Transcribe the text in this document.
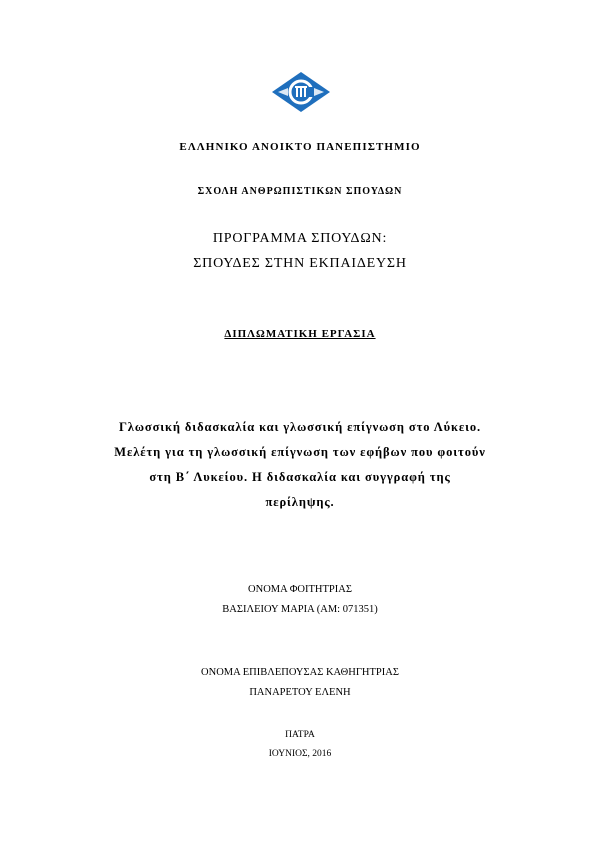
ΕΛΛΗΝΙΚΟ ΑΝΟΙΚΤΟ ΠΑΝΕΠΙΣΤΗΜΙΟ
ΣΧΟΛΗ ΑΝΘΡΩΠΙΣΤΙΚΩΝ ΣΠΟΥΔΩΝ
ΠΡΟΓΡΑΜΜΑ ΣΠΟΥΔΩΝ:
ΣΠΟΥΔΕΣ ΣΤΗΝ ΕΚΠΑΙΔΕΥΣΗ
ΔΙΠΛΩΜΑΤΙΚΗ ΕΡΓΑΣΙΑ
Γλωσσική διδασκαλία και γλωσσική επίγνωση στο Λύκειο.
Μελέτη για τη γλωσσική επίγνωση των εφήβων που φοιτούν
στη Β΄ Λυκείου. Η διδασκαλία και συγγραφή της
περίληψης.
ΟΝΟΜΑ ΦΟΙΤΗΤΡΙΑΣ
ΒΑΣΙΛΕΙΟΥ ΜΑΡΙΑ (ΑΜ: 071351)
ΟΝΟΜΑ ΕΠΙΒΛΕΠΟΥΣΑΣ ΚΑΘΗΓΗΤΡΙΑΣ
ΠΑΝΑΡΕΤΟΥ ΕΛΕΝΗ
ΠΑΤΡΑ
ΙΟΥΝΙΟΣ, 2016
